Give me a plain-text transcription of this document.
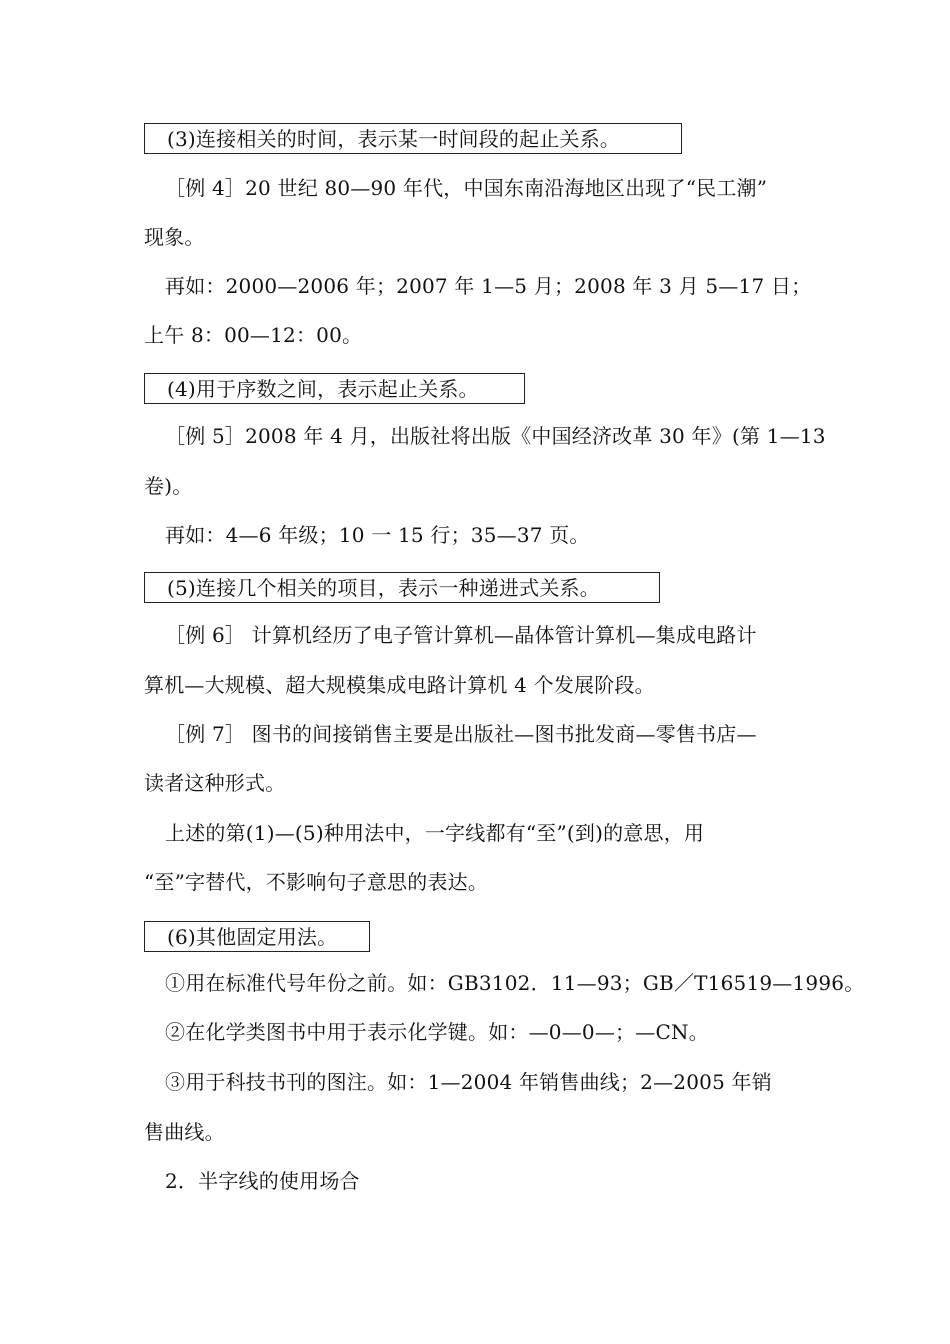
(3)连接相关的时间，表示某一时间段的起止关系。
［例 4］20 世纪 80—90 年代，中国东南沿海地区出现了“民工潮”
现象。
再如：2000—2006 年；2007 年 1—5 月；2008 年 3 月 5—17 日；
上午 8：00—12：00。
(4)用于序数之间，表示起止关系。
［例 5］2008 年 4 月，出版社将出版《中国经济改革 30 年》(第 1—13
卷)。
再如：4—6 年级；10 一 15 行；35—37 页。
(5)连接几个相关的项目，表示一种递进式关系。
［例 6］ 计算机经历了电子管计算机—晶体管计算机—集成电路计
算机—大规模、超大规模集成电路计算机 4 个发展阶段。
［例 7］ 图书的间接销售主要是出版社—图书批发商—零售书店—
读者这种形式。
上述的第(1)—(5)种用法中，一字线都有“至”(到)的意思，用
“至”字替代，不影响句子意思的表达。
(6)其他固定用法。
①用在标准代号年份之前。如：GB3102．11—93；GB／T16519—1996。
②在化学类图书中用于表示化学键。如：—0—0—；—CN。
③用于科技书刊的图注。如：1—2004 年销售曲线；2—2005 年销
售曲线。
2．半字线的使用场合
